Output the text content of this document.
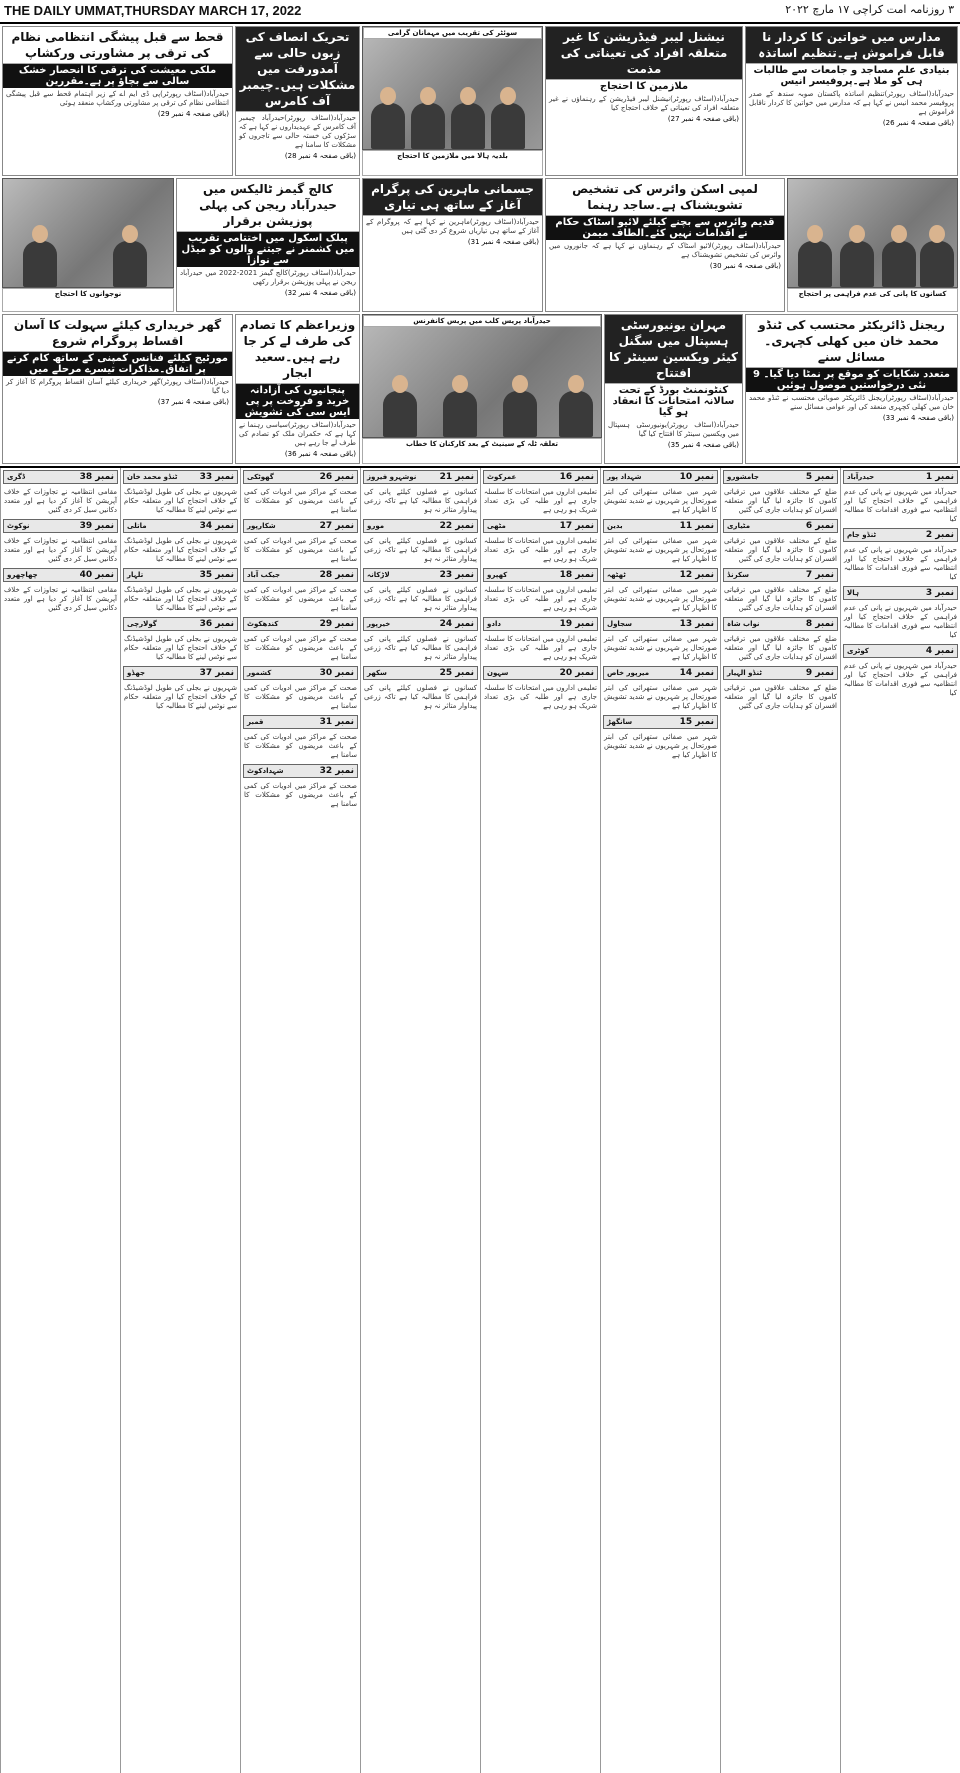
THE DAILY UMMAT,THURSDAY MARCH 17, 2022	۳ روزنامہ امت کراچی ۱۷ مارچ ۲۰۲۲
مدارس میں خواتین کا کردار نا قابل فراموش ہے۔تنظیم اساتذہ
بنیادی علم مساجد و جامعات سے طالبات ہی کو ملا ہے۔پروفیسر انیس
حیدرآباد(اسٹاف رپورٹر)تنظیم اساتذہ پاکستان صوبہ سندھ کے صدر پروفیسر محمد انیس نے کہا ہے کہ مدارس میں خواتین کا کردار ناقابل فراموش ہے
(باقی صفحہ 4 نمبر 26)
نیشنل لیبر فیڈریشن کا غیر متعلقہ افراد کی تعیناتی کی مذمت
ملازمین کا احتجاج
حیدرآباد(اسٹاف رپورٹر)نیشنل لیبر فیڈریشن کے رہنماؤں نے غیر متعلقہ افراد کی تعیناتی کے خلاف احتجاج کیا
(باقی صفحہ 4 نمبر 27)
سوئٹر کی تقریب میں مہمانان گرامی
بلدیہ ہالا میں ملازمین کا احتجاج
تحریک انصاف کی زبوں حالی سے آمدورفت میں مشکلات ہیں۔چیمبر آف کامرس
حیدرآباد(اسٹاف رپورٹر)حیدرآباد چیمبر آف کامرس کے عہدیداروں نے کہا ہے کہ سڑکوں کی خستہ حالی سے تاجروں کو مشکلات کا سامنا ہے
(باقی صفحہ 4 نمبر 28)
قحط سے قبل پیشگی انتظامی نظام کی ترقی پر مشاورتی ورکشاپ
ملکی معیشت کی ترقی کا انحصار خشک سالی سے بچاؤ پر ہے۔مقررین
حیدرآباد(اسٹاف رپورٹر)پی ڈی ایم اے کے زیر اہتمام قحط سے قبل پیشگی انتظامی نظام کی ترقی پر مشاورتی ورکشاپ منعقد ہوئی
(باقی صفحہ 4 نمبر 29)
کسانوں کا پانی کی عدم فراہمی پر احتجاج
لمپی اسکن وائرس کی تشخیص تشویشناک ہے۔ساجد رہنما
قدیم وائرس سے بچنے کیلئے لائیو اسٹاک حکام نے اقدامات نہیں کئے۔الطاف میمن
حیدرآباد(اسٹاف رپورٹر)لائیو اسٹاک کے رہنماؤں نے کہا ہے کہ جانوروں میں وائرس کی تشخیص تشویشناک ہے
(باقی صفحہ 4 نمبر 30)
جسمانی ماہرین کی پرگرام آغاز کے ساتھ ہی تیاری
حیدرآباد(اسٹاف رپورٹر)ماہرین نے کہا ہے کہ پروگرام کے آغاز کے ساتھ ہی تیاریاں شروع کر دی گئی ہیں
(باقی صفحہ 4 نمبر 31)
کالج گیمز ٹالیکس میں حیدرآباد ریجن کی پہلی پوزیشن برقرار
پبلک اسکول میں اختتامی تقریب میں کشمنر نے جیتنے والوں کو میڈل سے نوازا
حیدرآباد(اسٹاف رپورٹر)کالج گیمز 2021-2022 میں حیدرآباد ریجن نے پہلی پوزیشن برقرار رکھی
(باقی صفحہ 4 نمبر 32)
نوجوانوں کا احتجاج
ریجنل ڈائریکٹر محتسب کی ٹنڈو محمد خان میں کھلی کچہری۔مسائل سنے
متعدد شکایات کو موقع پر نمٹا دیا گیا۔ 9 نئی درخواستیں موصول ہوئیں
حیدرآباد(اسٹاف رپورٹر)ریجنل ڈائریکٹر صوبائی محتسب نے ٹنڈو محمد خان میں کھلی کچہری منعقد کی اور عوامی مسائل سنے
(باقی صفحہ 4 نمبر 33)
مہران یونیورسٹی ہسپتال میں سگنل کیئر ویکسین سینٹر کا افتتاح
کنٹونمنٹ بورڈ کے تحت سالانہ امتحانات کا انعقاد ہو گیا
حیدرآباد(اسٹاف رپورٹر)یونیورسٹی ہسپتال میں ویکسین سینٹر کا افتتاح کیا گیا
(باقی صفحہ 4 نمبر 35)
حیدرآباد پریس کلب میں پریس کانفرنس
تعلقہ ٹلہ کے سینیٹ کے بعد کارکنان کا خطاب
وزیراعظم کا تصادم کی طرف لے کر جا رہے ہیں۔سعید ابجار
پنجانیوں کی آزادانہ خرید و فروخت پر پی ایس سی کی تشویش
حیدرآباد(اسٹاف رپورٹر)سیاسی رہنما نے کہا ہے کہ حکمران ملک کو تصادم کی طرف لے جا رہے ہیں
(باقی صفحہ 4 نمبر 36)
گھر خریداری کیلئے سہولت کا آسان اقساط پروگرام شروع
مورٹیج کیلئے فنانس کمپنی کے ساتھ کام کرنے پر اتفاق۔مذاکرات تیسرے مرحلے میں
حیدرآباد(اسٹاف رپورٹر)گھر خریداری کیلئے آسان اقساط پروگرام کا آغاز کر دیا گیا
(باقی صفحہ 4 نمبر 37)
نمبر 1
حیدرآباد
حیدرآباد میں شہریوں نے پانی کی عدم فراہمی کے خلاف احتجاج کیا اور انتظامیہ سے فوری اقدامات کا مطالبہ کیا
نمبر 2
ٹنڈو جام
حیدرآباد میں شہریوں نے پانی کی عدم فراہمی کے خلاف احتجاج کیا اور انتظامیہ سے فوری اقدامات کا مطالبہ کیا
نمبر 3
ہالا
حیدرآباد میں شہریوں نے پانی کی عدم فراہمی کے خلاف احتجاج کیا اور انتظامیہ سے فوری اقدامات کا مطالبہ کیا
نمبر 4
کوٹری
حیدرآباد میں شہریوں نے پانی کی عدم فراہمی کے خلاف احتجاج کیا اور انتظامیہ سے فوری اقدامات کا مطالبہ کیا
نمبر 5
جامشورو
ضلع کے مختلف علاقوں میں ترقیاتی کاموں کا جائزہ لیا گیا اور متعلقہ افسران کو ہدایات جاری کی گئیں
نمبر 6
مٹیاری
ضلع کے مختلف علاقوں میں ترقیاتی کاموں کا جائزہ لیا گیا اور متعلقہ افسران کو ہدایات جاری کی گئیں
نمبر 7
سکرنڈ
ضلع کے مختلف علاقوں میں ترقیاتی کاموں کا جائزہ لیا گیا اور متعلقہ افسران کو ہدایات جاری کی گئیں
نمبر 8
نواب شاہ
ضلع کے مختلف علاقوں میں ترقیاتی کاموں کا جائزہ لیا گیا اور متعلقہ افسران کو ہدایات جاری کی گئیں
نمبر 9
ٹنڈو الہیار
ضلع کے مختلف علاقوں میں ترقیاتی کاموں کا جائزہ لیا گیا اور متعلقہ افسران کو ہدایات جاری کی گئیں
نمبر 10
شہداد پور
شہر میں صفائی ستھرائی کی ابتر صورتحال پر شہریوں نے شدید تشویش کا اظہار کیا ہے
نمبر 11
بدین
شہر میں صفائی ستھرائی کی ابتر صورتحال پر شہریوں نے شدید تشویش کا اظہار کیا ہے
نمبر 12
ٹھٹھہ
شہر میں صفائی ستھرائی کی ابتر صورتحال پر شہریوں نے شدید تشویش کا اظہار کیا ہے
نمبر 13
سجاول
شہر میں صفائی ستھرائی کی ابتر صورتحال پر شہریوں نے شدید تشویش کا اظہار کیا ہے
نمبر 14
میرپور خاص
شہر میں صفائی ستھرائی کی ابتر صورتحال پر شہریوں نے شدید تشویش کا اظہار کیا ہے
نمبر 15
سانگھڑ
شہر میں صفائی ستھرائی کی ابتر صورتحال پر شہریوں نے شدید تشویش کا اظہار کیا ہے
نمبر 16
عمرکوٹ
تعلیمی اداروں میں امتحانات کا سلسلہ جاری ہے اور طلبہ کی بڑی تعداد شریک ہو رہی ہے
نمبر 17
مٹھی
تعلیمی اداروں میں امتحانات کا سلسلہ جاری ہے اور طلبہ کی بڑی تعداد شریک ہو رہی ہے
نمبر 18
کھپرو
تعلیمی اداروں میں امتحانات کا سلسلہ جاری ہے اور طلبہ کی بڑی تعداد شریک ہو رہی ہے
نمبر 19
دادو
تعلیمی اداروں میں امتحانات کا سلسلہ جاری ہے اور طلبہ کی بڑی تعداد شریک ہو رہی ہے
نمبر 20
سہون
تعلیمی اداروں میں امتحانات کا سلسلہ جاری ہے اور طلبہ کی بڑی تعداد شریک ہو رہی ہے
نمبر 21
نوشہرو فیروز
کسانوں نے فصلوں کیلئے پانی کی فراہمی کا مطالبہ کیا ہے تاکہ زرعی پیداوار متاثر نہ ہو
نمبر 22
مورو
کسانوں نے فصلوں کیلئے پانی کی فراہمی کا مطالبہ کیا ہے تاکہ زرعی پیداوار متاثر نہ ہو
نمبر 23
لاڑکانہ
کسانوں نے فصلوں کیلئے پانی کی فراہمی کا مطالبہ کیا ہے تاکہ زرعی پیداوار متاثر نہ ہو
نمبر 24
خیرپور
کسانوں نے فصلوں کیلئے پانی کی فراہمی کا مطالبہ کیا ہے تاکہ زرعی پیداوار متاثر نہ ہو
نمبر 25
سکھر
کسانوں نے فصلوں کیلئے پانی کی فراہمی کا مطالبہ کیا ہے تاکہ زرعی پیداوار متاثر نہ ہو
نمبر 26
گھوٹکی
صحت کے مراکز میں ادویات کی کمی کے باعث مریضوں کو مشکلات کا سامنا ہے
نمبر 27
شکارپور
صحت کے مراکز میں ادویات کی کمی کے باعث مریضوں کو مشکلات کا سامنا ہے
نمبر 28
جیکب آباد
صحت کے مراکز میں ادویات کی کمی کے باعث مریضوں کو مشکلات کا سامنا ہے
نمبر 29
کندھکوٹ
صحت کے مراکز میں ادویات کی کمی کے باعث مریضوں کو مشکلات کا سامنا ہے
نمبر 30
کشمور
صحت کے مراکز میں ادویات کی کمی کے باعث مریضوں کو مشکلات کا سامنا ہے
نمبر 31
قمبر
صحت کے مراکز میں ادویات کی کمی کے باعث مریضوں کو مشکلات کا سامنا ہے
نمبر 32
شہدادکوٹ
صحت کے مراکز میں ادویات کی کمی کے باعث مریضوں کو مشکلات کا سامنا ہے
نمبر 33
ٹنڈو محمد خان
شہریوں نے بجلی کی طویل لوڈشیڈنگ کے خلاف احتجاج کیا اور متعلقہ حکام سے نوٹس لینے کا مطالبہ کیا
نمبر 34
ماتلی
شہریوں نے بجلی کی طویل لوڈشیڈنگ کے خلاف احتجاج کیا اور متعلقہ حکام سے نوٹس لینے کا مطالبہ کیا
نمبر 35
تلہار
شہریوں نے بجلی کی طویل لوڈشیڈنگ کے خلاف احتجاج کیا اور متعلقہ حکام سے نوٹس لینے کا مطالبہ کیا
نمبر 36
گولارچی
شہریوں نے بجلی کی طویل لوڈشیڈنگ کے خلاف احتجاج کیا اور متعلقہ حکام سے نوٹس لینے کا مطالبہ کیا
نمبر 37
جھڈو
شہریوں نے بجلی کی طویل لوڈشیڈنگ کے خلاف احتجاج کیا اور متعلقہ حکام سے نوٹس لینے کا مطالبہ کیا
نمبر 38
ڈگری
مقامی انتظامیہ نے تجاوزات کے خلاف آپریشن کا آغاز کر دیا ہے اور متعدد دکانیں سیل کر دی گئیں
نمبر 39
نوکوٹ
مقامی انتظامیہ نے تجاوزات کے خلاف آپریشن کا آغاز کر دیا ہے اور متعدد دکانیں سیل کر دی گئیں
نمبر 40
چھاچھرو
مقامی انتظامیہ نے تجاوزات کے خلاف آپریشن کا آغاز کر دیا ہے اور متعدد دکانیں سیل کر دی گئیں
